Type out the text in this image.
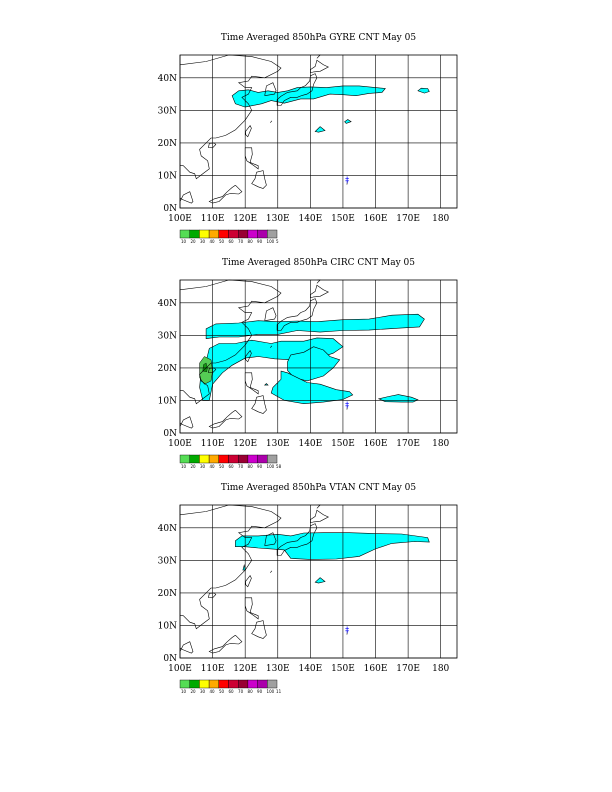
Time Averaged 850hPa GYRE CNT May 05
‡
100E 110E 120E 130E 140E 150E 160E 170E 180
0N
10N
20N
30N
40N
10 20 30 40 50 60 70 80 90 100 5
Time Averaged 850hPa CIRC CNT May 05
‡
100E 110E 120E 130E 140E 150E 160E 170E 180
0N
10N
20N
30N
40N
10 20 30 40 50 60 70 80 90 100 58
Time Averaged 850hPa VTAN CNT May 05
‡
100E 110E 120E 130E 140E 150E 160E 170E 180
0N
10N
20N
30N
40N
10 20 30 40 50 60 70 80 90 100 11
